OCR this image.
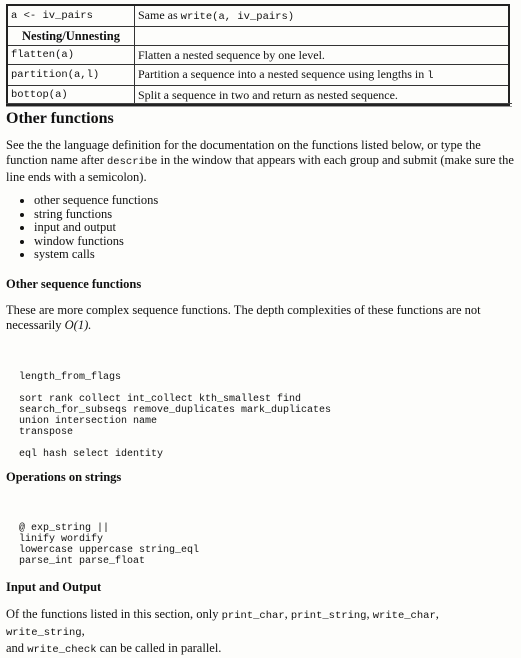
a <- iv_pairs	Same as write(a, iv_pairs)
Nesting/Unnesting	
flatten(a)	Flatten a nested sequence by one level.
partition(a,l)	Partition a sequence into a nested sequence using lengths in l
bottop(a)	Split a sequence in two and return as nested sequence.
Other functions

See the the language definition for the documentation on the functions listed below, or type the function name after describe in the window that appears with each group and submit (make sure the line ends with a semicolon).

• other sequence functions
• string functions
• input and output
• window functions
• system calls
Other sequence functions

These are more complex sequence functions. The depth complexities of these functions are not necessarily O(1).

length_from_flags

sort rank collect int_collect kth_smallest find
search_for_subseqs remove_duplicates mark_duplicates
union intersection name
transpose

eql hash select identity
Operations on strings
@ exp_string ||
linify wordify
lowercase uppercase string_eql
parse_int parse_float
Input and Output

Of the functions listed in this section, only print_char, print_string, write_char, write_string,
and write_check can be called in parallel.
